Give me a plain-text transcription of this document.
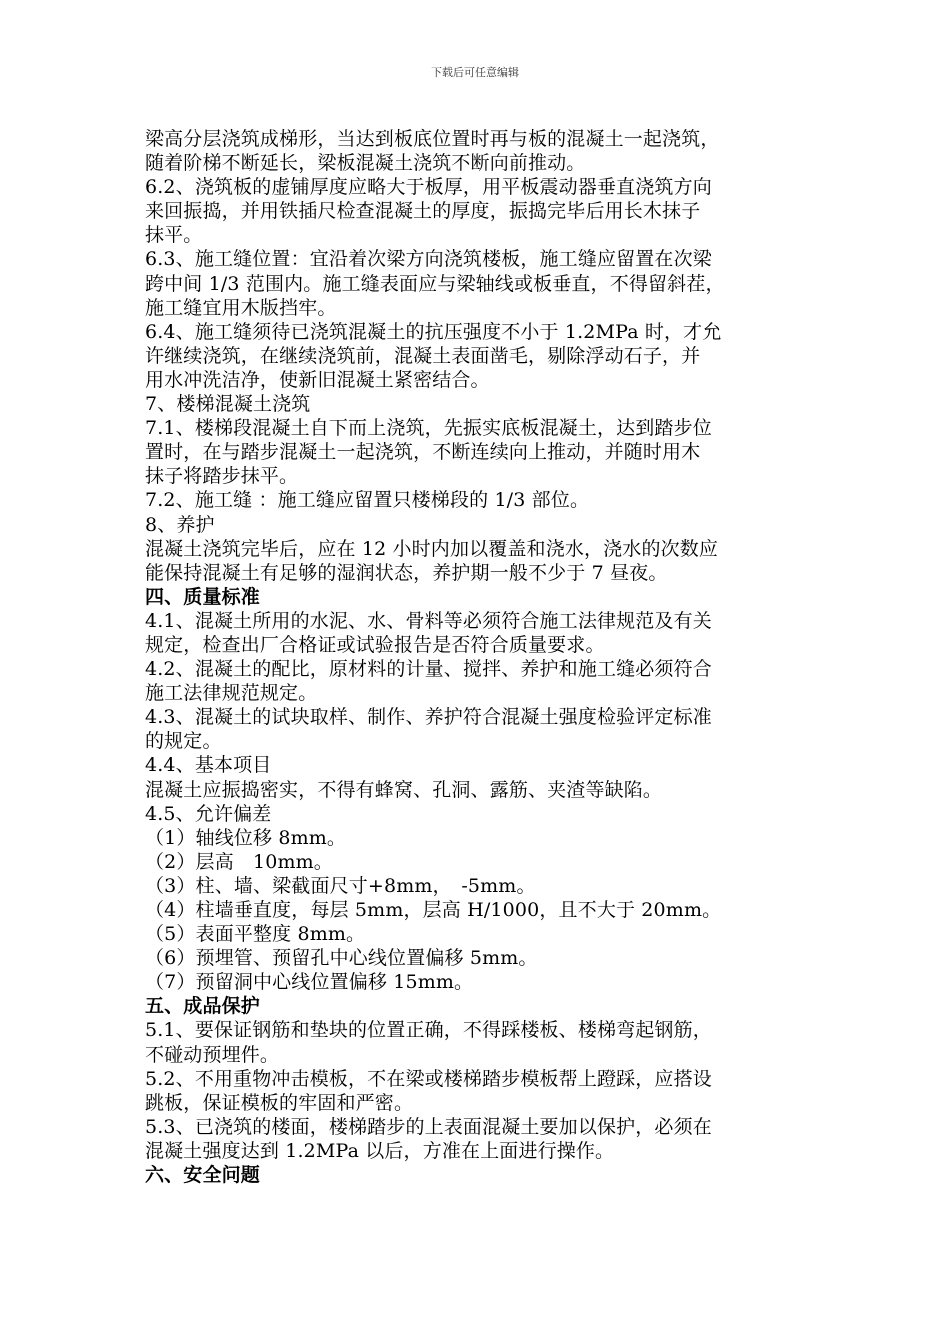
下载后可任意编辑
梁高分层浇筑成梯形，当达到板底位置时再与板的混凝土一起浇筑，
随着阶梯不断延长，梁板混凝土浇筑不断向前推动。
6.2、浇筑板的虚铺厚度应略大于板厚，用平板震动器垂直浇筑方向
来回振捣，并用铁插尺检查混凝土的厚度，振捣完毕后用长木抹子
抹平。
6.3、施工缝位置：宜沿着次梁方向浇筑楼板，施工缝应留置在次梁
跨中间 1/3 范围内。施工缝表面应与梁轴线或板垂直，不得留斜茬，
施工缝宜用木版挡牢。
6.4、施工缝须待已浇筑混凝土的抗压强度不小于 1.2MPa 时，才允
许继续浇筑，在继续浇筑前，混凝土表面凿毛，剔除浮动石子，并
用水冲洗洁净，使新旧混凝土紧密结合。
7、楼梯混凝土浇筑
7.1、楼梯段混凝土自下而上浇筑，先振实底板混凝土，达到踏步位
置时，在与踏步混凝土一起浇筑，不断连续向上推动，并随时用木
抹子将踏步抹平。
7.2、施工缝 ：施工缝应留置只楼梯段的 1/3 部位。
8、养护
混凝土浇筑完毕后，应在 12 小时内加以覆盖和浇水，浇水的次数应
能保持混凝土有足够的湿润状态，养护期一般不少于 7 昼夜。
四、质量标准
4.1、混凝土所用的水泥、水、骨料等必须符合施工法律规范及有关
规定，检查出厂合格证或试验报告是否符合质量要求。
4.2、混凝土的配比，原材料的计量、搅拌、养护和施工缝必须符合
施工法律规范规定。
4.3、混凝土的试块取样、制作、养护符合混凝土强度检验评定标准
的规定。
4.4、基本项目
混凝土应振捣密实，不得有蜂窝、孔洞、露筋、夹渣等缺陷。
4.5、允许偏差
（1）轴线位移 8mm。
（2）层高　10mm。
（3）柱、墙、梁截面尺寸+8mm，　-5mm。
（4）柱墙垂直度，每层 5mm，层高 H/1000，且不大于 20mm。
（5）表面平整度 8mm。
（6）预埋管、预留孔中心线位置偏移 5mm。
（7）预留洞中心线位置偏移 15mm。
五、成品保护
5.1、要保证钢筋和垫块的位置正确，不得踩楼板、楼梯弯起钢筋，
不碰动预埋件。
5.2、不用重物冲击模板，不在梁或楼梯踏步模板帮上蹬踩，应搭设
跳板，保证模板的牢固和严密。
5.3、已浇筑的楼面，楼梯踏步的上表面混凝土要加以保护，必须在
混凝土强度达到 1.2MPa 以后，方准在上面进行操作。
六、安全问题
